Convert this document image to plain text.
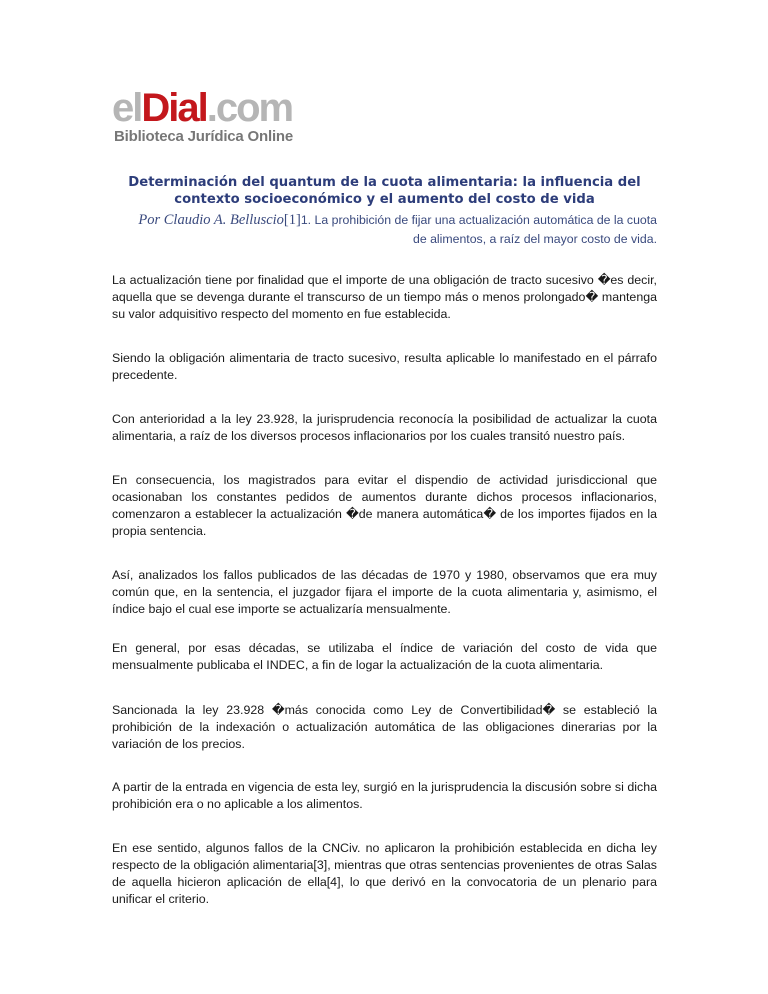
elDial.com
Biblioteca Jurídica Online
Determinación del quantum de la cuota alimentaria: la influencia del contexto socioeconómico y el aumento del costo de vida
Por Claudio A. Belluscio[1]1. La prohibición de fijar una actualización automática de la cuota
de alimentos, a raíz del mayor costo de vida.

La actualización tiene por finalidad que el importe de una obligación de tracto sucesivo �es decir, aquella que se devenga durante el transcurso de un tiempo más o menos prolongado� mantenga su valor adquisitivo respecto del momento en fue establecida.

Siendo la obligación alimentaria de tracto sucesivo, resulta aplicable lo manifestado en el párrafo precedente.

Con anterioridad a la ley 23.928, la jurisprudencia reconocía la posibilidad de actualizar la cuota alimentaria, a raíz de los diversos procesos inflacionarios por los cuales transitó nuestro país.

En consecuencia, los magistrados para evitar el dispendio de actividad jurisdiccional que ocasionaban los constantes pedidos de aumentos durante dichos procesos inflacionarios, comenzaron a establecer la actualización �de manera automática� de los importes fijados en la propia sentencia.

Así, analizados los fallos publicados de las décadas de 1970 y 1980, observamos que era muy común que, en la sentencia, el juzgador fijara el importe de la cuota alimentaria y, asimismo, el índice bajo el cual ese importe se actualizaría mensualmente.

En general, por esas décadas, se utilizaba el índice de variación del costo de vida que mensualmente publicaba el INDEC, a fin de logar la actualización de la cuota alimentaria.

Sancionada la ley 23.928 �más conocida como Ley de Convertibilidad� se estableció la prohibición de la indexación o actualización automática de las obligaciones dinerarias por la variación de los precios.

A partir de la entrada en vigencia de esta ley, surgió en la jurisprudencia la discusión sobre si dicha prohibición era o no aplicable a los alimentos.

En ese sentido, algunos fallos de la CNCiv. no aplicaron la prohibición establecida en dicha ley respecto de la obligación alimentaria[3], mientras que otras sentencias provenientes de otras Salas de aquella hicieron aplicación de ella[4], lo que derivó en la convocatoria de un plenario para unificar el criterio.
